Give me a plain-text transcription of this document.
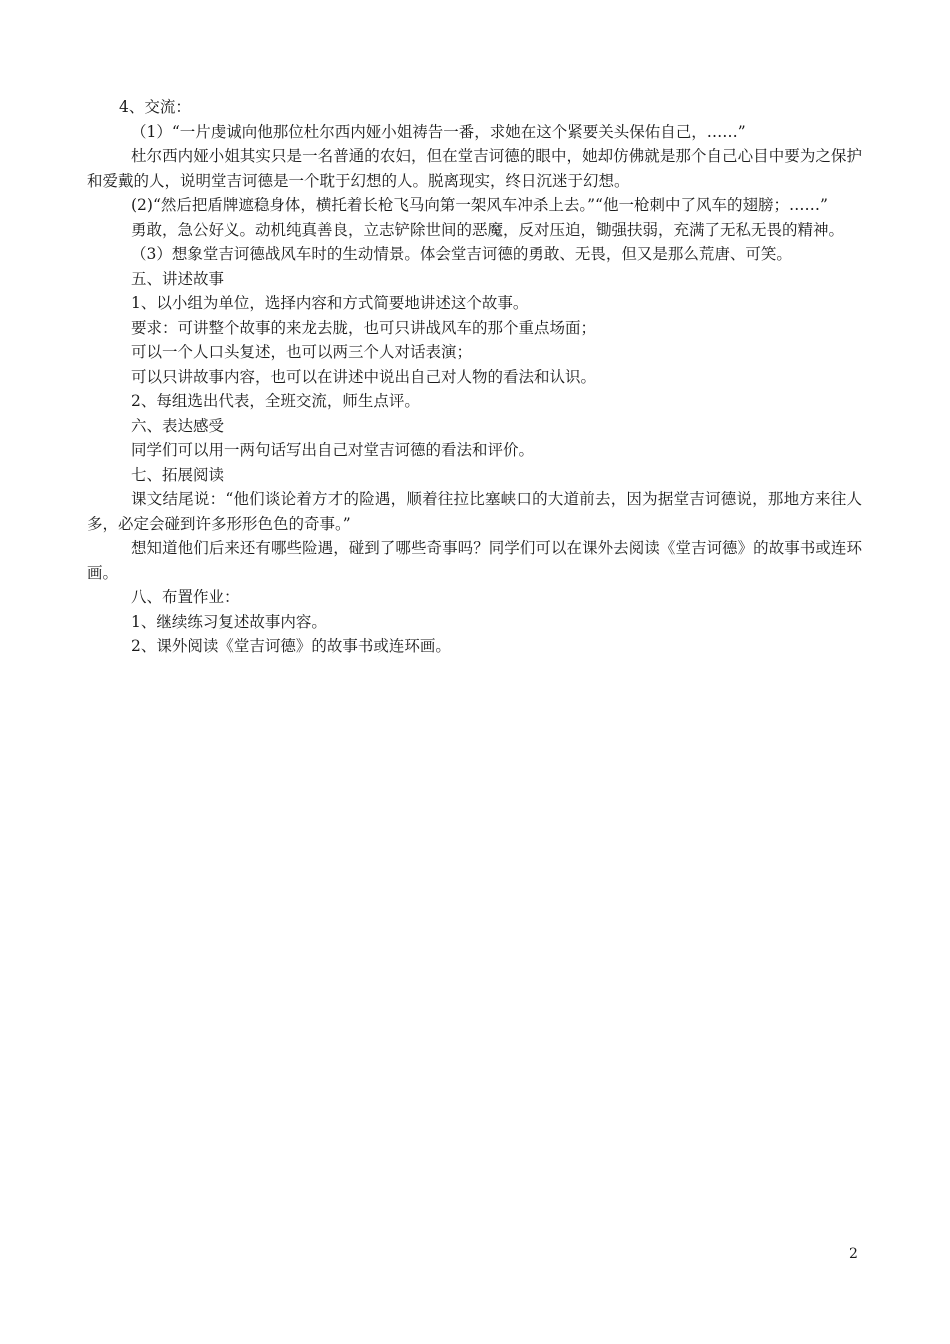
4、交流：

（1）“一片虔诚向他那位杜尔西内娅小姐祷告一番，求她在这个紧要关头保佑自己，……”

杜尔西内娅小姐其实只是一名普通的农妇，但在堂吉诃德的眼中，她却仿佛就是那个自己心目中要为之保护和爱戴的人，说明堂吉诃德是一个耽于幻想的人。脱离现实，终日沉迷于幻想。

(2)“然后把盾牌遮稳身体，横托着长枪飞马向第一架风车冲杀上去。”“他一枪刺中了风车的翅膀；……”

勇敢，急公好义。动机纯真善良，立志铲除世间的恶魔，反对压迫，锄强扶弱，充满了无私无畏的精神。

（3）想象堂吉诃德战风车时的生动情景。体会堂吉诃德的勇敢、无畏，但又是那么荒唐、可笑。

五、讲述故事

1、以小组为单位，选择内容和方式简要地讲述这个故事。

要求：可讲整个故事的来龙去胧，也可只讲战风车的那个重点场面；

可以一个人口头复述，也可以两三个人对话表演；

可以只讲故事内容，也可以在讲述中说出自己对人物的看法和认识。

2、每组选出代表，全班交流，师生点评。

六、表达感受

同学们可以用一两句话写出自己对堂吉诃德的看法和评价。

七、拓展阅读

课文结尾说：“他们谈论着方才的险遇，顺着往拉比塞峡口的大道前去，因为据堂吉诃德说，那地方来往人多，必定会碰到许多形形色色的奇事。”

想知道他们后来还有哪些险遇，碰到了哪些奇事吗？同学们可以在课外去阅读《堂吉诃德》的故事书或连环画。

八、布置作业：

1、继续练习复述故事内容。

2、课外阅读《堂吉诃德》的故事书或连环画。

2
